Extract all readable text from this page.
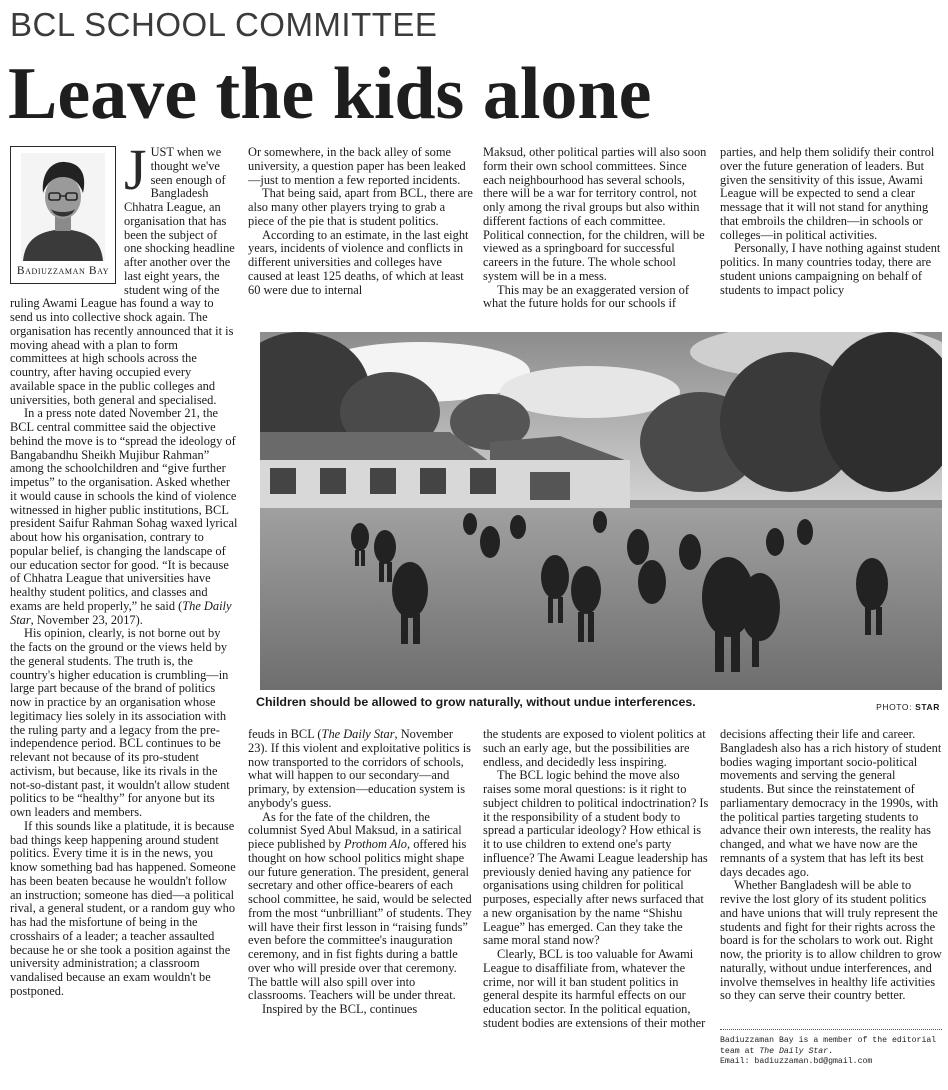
BCL SCHOOL COMMITTEE
Leave the kids alone
Badiuzzaman Bay

JUST when we thought we've seen enough of Bangladesh Chhatra League, an organisation that has been the subject of one shocking headline after another over the last eight years, the student wing of the ruling Awami League has found a way to send us into collective shock again. The organisation has recently announced that it is moving ahead with a plan to form committees at high schools across the country, after having occupied every available space in the public colleges and universities, both general and specialised.

In a press note dated November 21, the BCL central committee said the objective behind the move is to “spread the ideology of Bangabandhu Sheikh Mujibur Rahman” among the schoolchildren and “give further impetus” to the organisation. Asked whether it would cause in schools the kind of violence witnessed in higher public institutions, BCL president Saifur Rahman Sohag waxed lyrical about how his organisation, contrary to popular belief, is changing the landscape of our education sector for good. “It is because of Chhatra League that universities have healthy student politics, and classes and exams are held properly,” he said (The Daily Star, November 23, 2017).

His opinion, clearly, is not borne out by the facts on the ground or the views held by the general students. The truth is, the country's higher education is crumbling—in large part because of the brand of politics now in practice by an organisation whose legitimacy lies solely in its association with the ruling party and a legacy from the pre-independence period. BCL continues to be relevant not because of its pro-student activism, but because, like its rivals in the not-so-distant past, it wouldn't allow student politics to be “healthy” for anyone but its own leaders and members.

If this sounds like a platitude, it is because bad things keep happening around student politics. Every time it is in the news, you know something bad has happened. Someone has been beaten because he wouldn't follow an instruction; someone has died—a political rival, a general student, or a random guy who has had the misfortune of being in the crosshairs of a leader; a teacher assaulted because he or she took a position against the university administration; a classroom vandalised because an exam wouldn't be postponed.

Or somewhere, in the back alley of some university, a question paper has been leaked—just to mention a few reported incidents.

That being said, apart from BCL, there are also many other players trying to grab a piece of the pie that is student politics.

According to an estimate, in the last eight years, incidents of violence and conflicts in different universities and colleges have caused at least 125 deaths, of which at least 60 were due to internal

Maksud, other political parties will also soon form their own school committees. Since each neighbourhood has several schools, there will be a war for territory control, not only among the rival groups but also within different factions of each committee. Political connection, for the children, will be viewed as a springboard for successful careers in the future. The whole school system will be in a mess.

This may be an exaggerated version of what the future holds for our schools if

parties, and help them solidify their control over the future generation of leaders. But given the sensitivity of this issue, Awami League will be expected to send a clear message that it will not stand for anything that embroils the children—in schools or colleges—in political activities.

Personally, I have nothing against student politics. In many countries today, there are student unions campaigning on behalf of students to impact policy

Children should be allowed to grow naturally, without undue interferences.	PHOTO: STAR

feuds in BCL (The Daily Star, November 23). If this violent and exploitative politics is now transported to the corridors of schools, what will happen to our secondary—and primary, by extension—education system is anybody's guess.

As for the fate of the children, the columnist Syed Abul Maksud, in a satirical piece published by Prothom Alo, offered his thought on how school politics might shape our future generation. The president, general secretary and other office-bearers of each school committee, he said, would be selected from the most “unbrilliant” of students. They will have their first lesson in “raising funds” even before the committee's inauguration ceremony, and in fist fights during a battle over who will preside over that ceremony. The battle will also spill over into classrooms. Teachers will be under threat.

Inspired by the BCL, continues

the students are exposed to violent politics at such an early age, but the possibilities are endless, and decidedly less inspiring.

The BCL logic behind the move also raises some moral questions: is it right to subject children to political indoctrination? Is it the responsibility of a student body to spread a particular ideology? How ethical is it to use children to extend one's party influence? The Awami League leadership has previously denied having any patience for organisations using children for political purposes, especially after news surfaced that a new organisation by the name “Shishu League” has emerged. Can they take the same moral stand now?

Clearly, BCL is too valuable for Awami League to disaffiliate from, whatever the crime, nor will it ban student politics in general despite its harmful effects on our education sector. In the political equation, student bodies are extensions of their mother

decisions affecting their life and career. Bangladesh also has a rich history of student bodies waging important socio-political movements and serving the general students. But since the reinstatement of parliamentary democracy in the 1990s, with the political parties targeting students to advance their own interests, the reality has changed, and what we have now are the remnants of a system that has left its best days decades ago.

Whether Bangladesh will be able to revive the lost glory of its student politics and have unions that will truly represent the students and fight for their rights across the board is for the scholars to work out. Right now, the priority is to allow children to grow naturally, without undue interferences, and involve themselves in healthy life activities so they can serve their country better.

Badiuzzaman Bay is a member of the editorial team at The Daily Star.
Email: badiuzzaman.bd@gmail.com
